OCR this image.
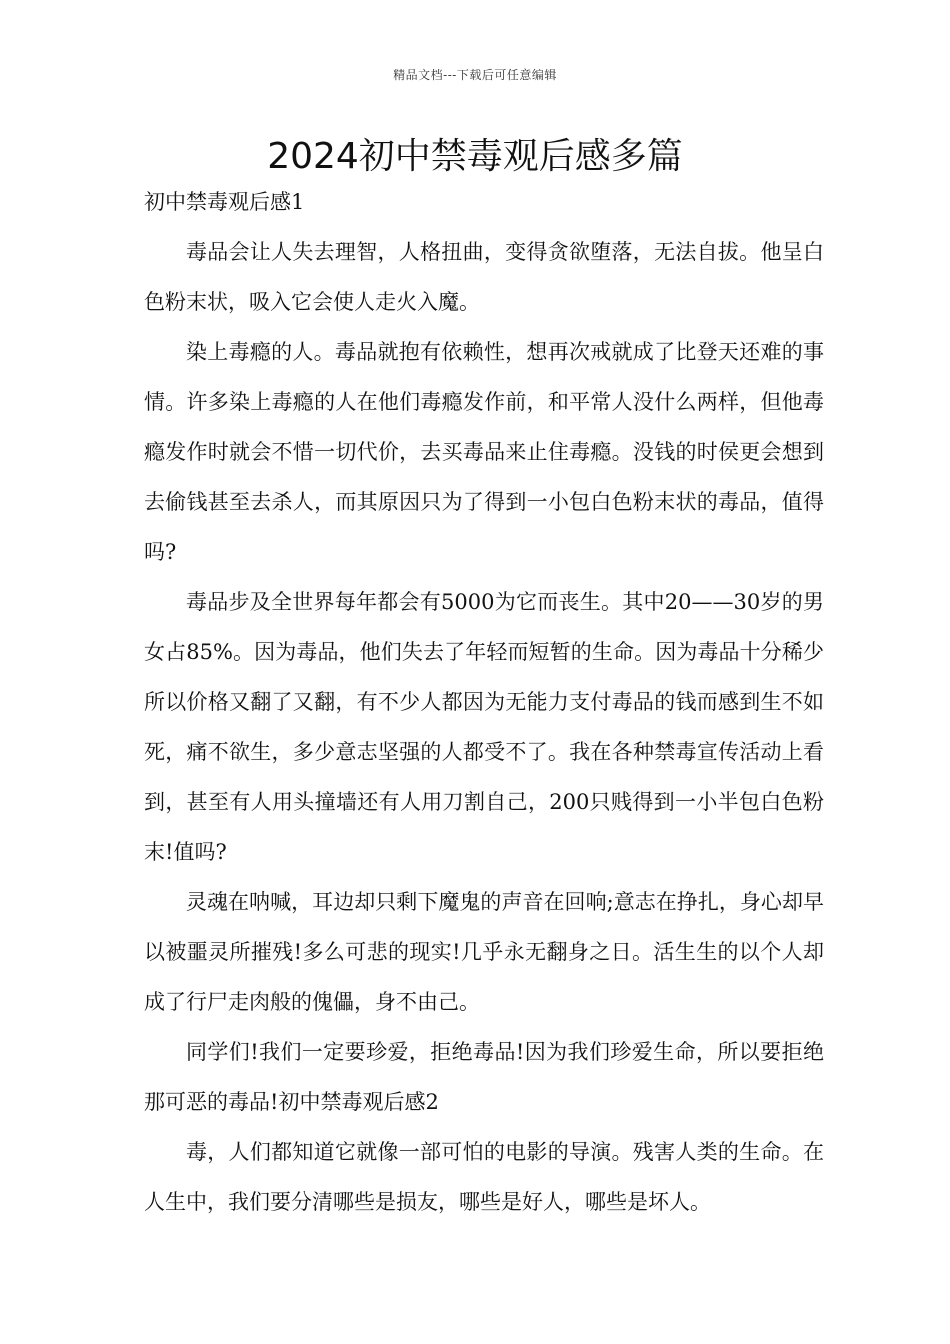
精品文档---下载后可任意编辑
2024初中禁毒观后感多篇

初中禁毒观后感1

毒品会让人失去理智，人格扭曲，变得贪欲堕落，无法自拔。他呈白色粉末状，吸入它会使人走火入魔。

染上毒瘾的人。毒品就抱有依赖性，想再次戒就成了比登天还难的事情。许多染上毒瘾的人在他们毒瘾发作前，和平常人没什么两样，但他毒瘾发作时就会不惜一切代价，去买毒品来止住毒瘾。没钱的时侯更会想到去偷钱甚至去杀人，而其原因只为了得到一小包白色粉末状的毒品，值得吗?

毒品步及全世界每年都会有5000为它而丧生。其中20——30岁的男女占85%。因为毒品，他们失去了年轻而短暂的生命。因为毒品十分稀少所以价格又翻了又翻，有不少人都因为无能力支付毒品的钱而感到生不如死，痛不欲生，多少意志坚强的人都受不了。我在各种禁毒宣传活动上看到，甚至有人用头撞墙还有人用刀割自己，200只贱得到一小半包白色粉末!值吗?

灵魂在呐喊，耳边却只剩下魔鬼的声音在回响;意志在挣扎，身心却早以被噩灵所摧残!多么可悲的现实!几乎永无翻身之日。活生生的以个人却成了行尸走肉般的傀儡，身不由己。

同学们!我们一定要珍爱，拒绝毒品!因为我们珍爱生命，所以要拒绝那可恶的毒品!初中禁毒观后感2

毒，人们都知道它就像一部可怕的电影的导演。残害人类的生命。在人生中，我们要分清哪些是损友，哪些是好人，哪些是坏人。
